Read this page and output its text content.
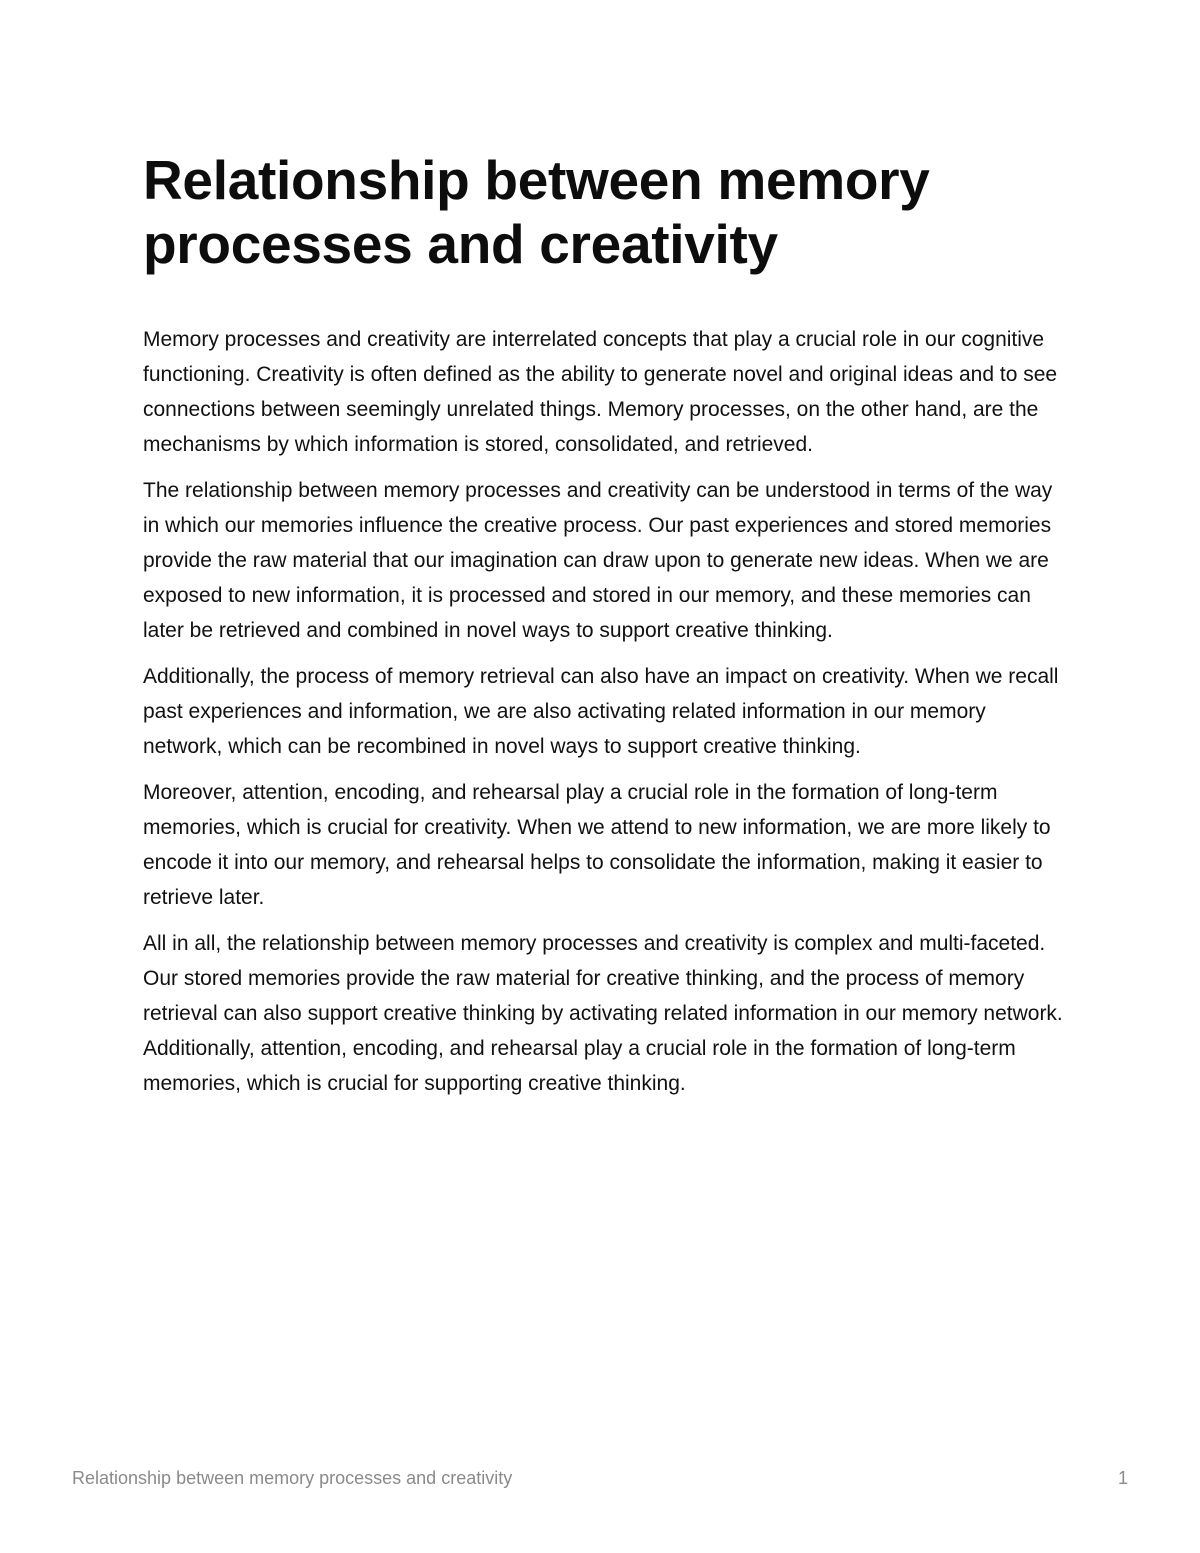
Relationship between memory processes and creativity

Memory processes and creativity are interrelated concepts that play a crucial role in our cognitive functioning. Creativity is often defined as the ability to generate novel and original ideas and to see connections between seemingly unrelated things. Memory processes, on the other hand, are the mechanisms by which information is stored, consolidated, and retrieved.

The relationship between memory processes and creativity can be understood in terms of the way in which our memories influence the creative process. Our past experiences and stored memories provide the raw material that our imagination can draw upon to generate new ideas. When we are exposed to new information, it is processed and stored in our memory, and these memories can later be retrieved and combined in novel ways to support creative thinking.

Additionally, the process of memory retrieval can also have an impact on creativity. When we recall past experiences and information, we are also activating related information in our memory network, which can be recombined in novel ways to support creative thinking.

Moreover, attention, encoding, and rehearsal play a crucial role in the formation of long-term memories, which is crucial for creativity. When we attend to new information, we are more likely to encode it into our memory, and rehearsal helps to consolidate the information, making it easier to retrieve later.

All in all, the relationship between memory processes and creativity is complex and multi-faceted. Our stored memories provide the raw material for creative thinking, and the process of memory retrieval can also support creative thinking by activating related information in our memory network. Additionally, attention, encoding, and rehearsal play a crucial role in the formation of long-term memories, which is crucial for supporting creative thinking.

Relationship between memory processes and creativity	1
